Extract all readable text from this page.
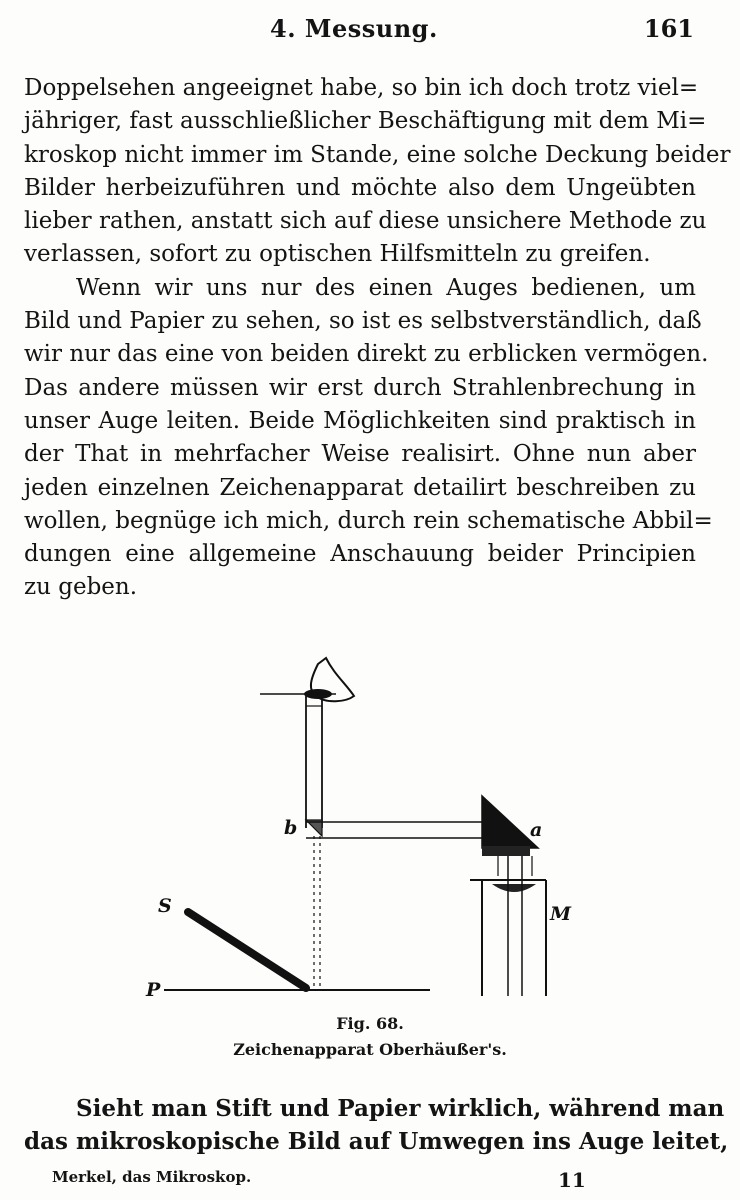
4. Messung.	161
Doppelsehen angeeignet habe, so bin ich doch trotz viel=
jähriger, fast ausschließlicher Beschäftigung mit dem Mi=
kroskop nicht immer im Stande, eine solche Deckung beider
Bilder herbeizuführen und möchte also dem Ungeübten
lieber rathen, anstatt sich auf diese unsichere Methode zu
verlassen, sofort zu optischen Hilfsmitteln zu greifen.
Wenn wir uns nur des einen Auges bedienen, um
Bild und Papier zu sehen, so ist es selbstverständlich, daß
wir nur das eine von beiden direkt zu erblicken vermögen.
Das andere müssen wir erst durch Strahlenbrechung in
unser Auge leiten. Beide Möglichkeiten sind praktisch in
der That in mehrfacher Weise realisirt. Ohne nun aber
jeden einzelnen Zeichenapparat detailirt beschreiben zu
wollen, begnüge ich mich, durch rein schematische Abbil=
dungen eine allgemeine Anschauung beider Principien
zu geben.
b	a
M
S
P
Fig. 68.
Zeichenapparat Oberhäußer's.
Sieht man Stift und Papier wirklich, während man
das mikroskopische Bild auf Umwegen ins Auge leitet,
Merkel, das Mikroskop.	11
